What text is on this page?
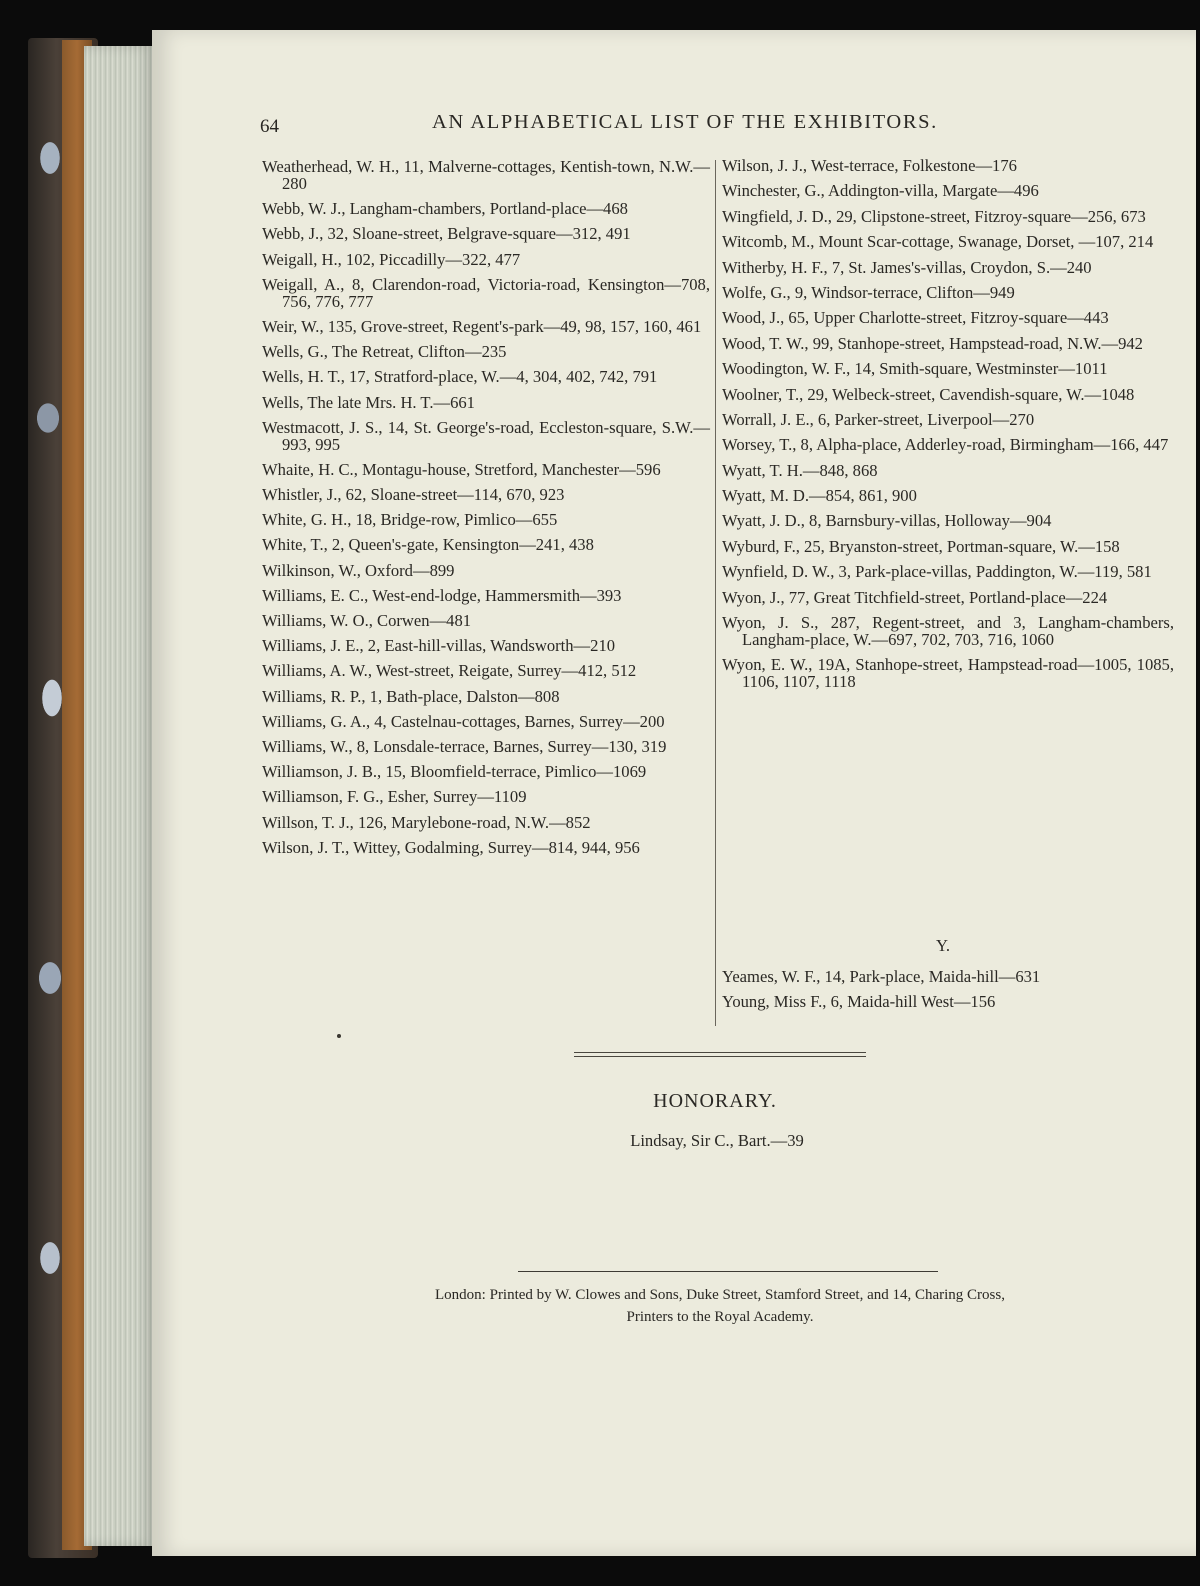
64	AN ALPHABETICAL LIST OF THE EXHIBITORS.

Weatherhead, W. H., 11, Malverne-cottages, Kentish-town, N.W.—280

Webb, W. J., Langham-chambers, Portland-place—468

Webb, J., 32, Sloane-street, Belgrave-square—312, 491

Weigall, H., 102, Piccadilly—322, 477

Weigall, A., 8, Clarendon-road, Victoria-road, Kensington—708, 756, 776, 777

Weir, W., 135, Grove-street, Regent's-park—49, 98, 157, 160, 461

Wells, G., The Retreat, Clifton—235

Wells, H. T., 17, Stratford-place, W.—4, 304, 402, 742, 791

Wells, The late Mrs. H. T.—661

Westmacott, J. S., 14, St. George's-road, Eccleston-square, S.W.—993, 995

Whaite, H. C., Montagu-house, Stretford, Manchester—596

Whistler, J., 62, Sloane-street—114, 670, 923

White, G. H., 18, Bridge-row, Pimlico—655

White, T., 2, Queen's-gate, Kensington—241, 438

Wilkinson, W., Oxford—899

Williams, E. C., West-end-lodge, Hammersmith—393

Williams, W. O., Corwen—481

Williams, J. E., 2, East-hill-villas, Wandsworth—210

Williams, A. W., West-street, Reigate, Surrey—412, 512

Williams, R. P., 1, Bath-place, Dalston—808

Williams, G. A., 4, Castelnau-cottages, Barnes, Surrey—200

Williams, W., 8, Lonsdale-terrace, Barnes, Surrey—130, 319

Williamson, J. B., 15, Bloomfield-terrace, Pimlico—1069

Williamson, F. G., Esher, Surrey—1109

Willson, T. J., 126, Marylebone-road, N.W.—852

Wilson, J. T., Wittey, Godalming, Surrey—814, 944, 956

Wilson, J. J., West-terrace, Folkestone—176

Winchester, G., Addington-villa, Margate—496

Wingfield, J. D., 29, Clipstone-street, Fitzroy-square—256, 673

Witcomb, M., Mount Scar-cottage, Swanage, Dorset, —107, 214

Witherby, H. F., 7, St. James's-villas, Croydon, S.—240

Wolfe, G., 9, Windsor-terrace, Clifton—949

Wood, J., 65, Upper Charlotte-street, Fitzroy-square—443

Wood, T. W., 99, Stanhope-street, Hampstead-road, N.W.—942

Woodington, W. F., 14, Smith-square, Westminster—1011

Woolner, T., 29, Welbeck-street, Cavendish-square, W.—1048

Worrall, J. E., 6, Parker-street, Liverpool—270

Worsey, T., 8, Alpha-place, Adderley-road, Birmingham—166, 447

Wyatt, T. H.—848, 868

Wyatt, M. D.—854, 861, 900

Wyatt, J. D., 8, Barnsbury-villas, Holloway—904

Wyburd, F., 25, Bryanston-street, Portman-square, W.—158

Wynfield, D. W., 3, Park-place-villas, Paddington, W.—119, 581

Wyon, J., 77, Great Titchfield-street, Portland-place—224

Wyon, J. S., 287, Regent-street, and 3, Langham-chambers, Langham-place, W.—697, 702, 703, 716, 1060

Wyon, E. W., 19A, Stanhope-street, Hampstead-road—1005, 1085, 1106, 1107, 1118

Y.

Yeames, W. F., 14, Park-place, Maida-hill—631

Young, Miss F., 6, Maida-hill West—156

HONORARY.
Lindsay, Sir C., Bart.—39
London: Printed by W. Clowes and Sons, Duke Street, Stamford Street, and 14, Charing Cross,
Printers to the Royal Academy.
